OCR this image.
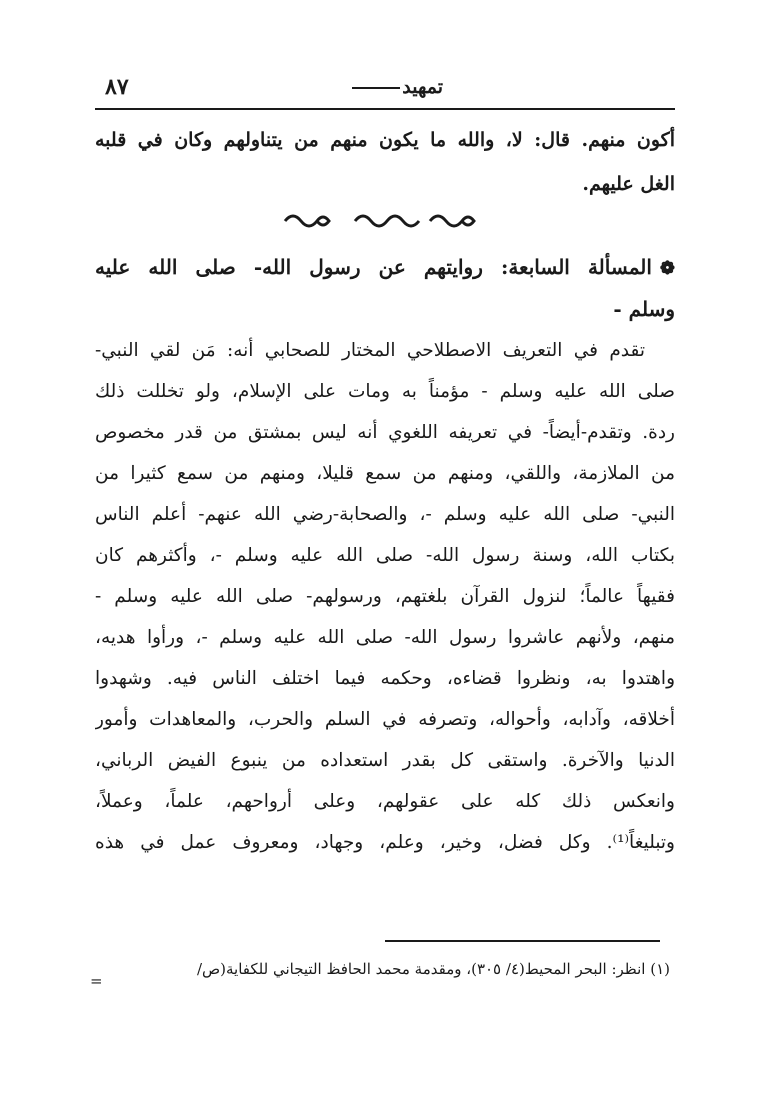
٨٧	تمهيد
أكون منهم. قال: لا، والله ما يكون منهم من يتناولهم وكان في قلبه
الغل عليهم.
❁المسألة السابعة: روايتهم عن رسول الله- صلى الله عليه
وسلم -
تقدم في التعريف الاصطلاحي المختار للصحابي أنه: مَن لقي النبي-
صلى الله عليه وسلم - مؤمناً به ومات على الإسلام، ولو تخللت ذلك
ردة. وتقدم-أيضاً- في تعريفه اللغوي أنه ليس بمشتق من قدر مخصوص
من الملازمة، واللقي، ومنهم من سمع قليلا، ومنهم من سمع كثيرا من
النبي- صلى الله عليه وسلم -، والصحابة-رضي الله عنهم- أعلم الناس
بكتاب الله، وسنة رسول الله- صلى الله عليه وسلم -، وأكثرهم كان
فقيهاً عالماً؛ لنزول القرآن بلغتهم، ورسولهم- صلى الله عليه وسلم -
منهم، ولأنهم عاشروا رسول الله- صلى الله عليه وسلم -، ورأوا هديه،
واهتدوا به، ونظروا قضاءه، وحكمه فيما اختلف الناس فيه. وشهدوا
أخلاقه، وآدابه، وأحواله، وتصرفه في السلم والحرب، والمعاهدات وأمور
الدنيا والآخرة. واستقى كل بقدر استعداده من ينبوع الفيض الرباني،
وانعكس ذلك كله على عقولهم، وعلى أرواحهم، علماً، وعملاً،
وتبليغاً⁽¹⁾. وكل فضل، وخير، وعلم، وجهاد، ومعروف عمل في هذه
(١) انظر: البحر المحيط(٤/ ٣٠٥)، ومقدمة محمد الحافظ التيجاني للكفاية(ص/
=
